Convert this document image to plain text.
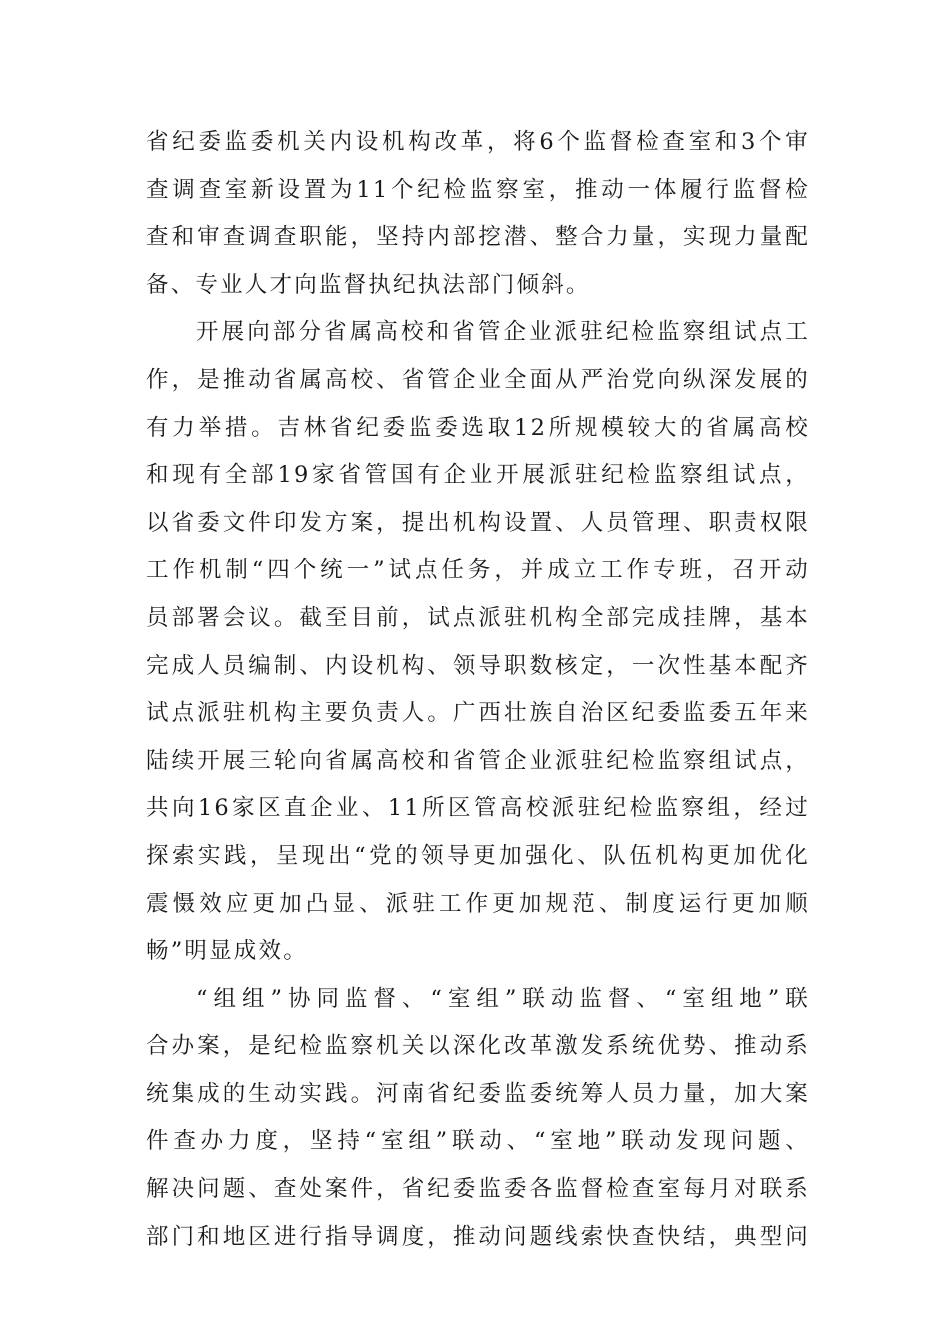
省纪委监委机关内设机构改革，将6个监督检查室和3个审
查调查室新设置为11个纪检监察室，推动一体履行监督检
查和审查调查职能，坚持内部挖潜、整合力量，实现力量配
备、专业人才向监督执纪执法部门倾斜。
开展向部分省属高校和省管企业派驻纪检监察组试点工
作，是推动省属高校、省管企业全面从严治党向纵深发展的
有力举措。吉林省纪委监委选取12所规模较大的省属高校
和现有全部19家省管国有企业开展派驻纪检监察组试点，
以省委文件印发方案，提出机构设置、人员管理、职责权限
工作机制“四个统一”试点任务，并成立工作专班，召开动
员部署会议。截至目前，试点派驻机构全部完成挂牌，基本
完成人员编制、内设机构、领导职数核定，一次性基本配齐
试点派驻机构主要负责人。广西壮族自治区纪委监委五年来
陆续开展三轮向省属高校和省管企业派驻纪检监察组试点，
共向16家区直企业、11所区管高校派驻纪检监察组，经过
探索实践，呈现出“党的领导更加强化、队伍机构更加优化
震慑效应更加凸显、派驻工作更加规范、制度运行更加顺
畅”明显成效。
“组组”协同监督、“室组”联动监督、“室组地”联
合办案，是纪检监察机关以深化改革激发系统优势、推动系
统集成的生动实践。河南省纪委监委统筹人员力量，加大案
件查办力度，坚持“室组”联动、“室地”联动发现问题、
解决问题、查处案件，省纪委监委各监督检查室每月对联系
部门和地区进行指导调度，推动问题线索快查快结，典型问
